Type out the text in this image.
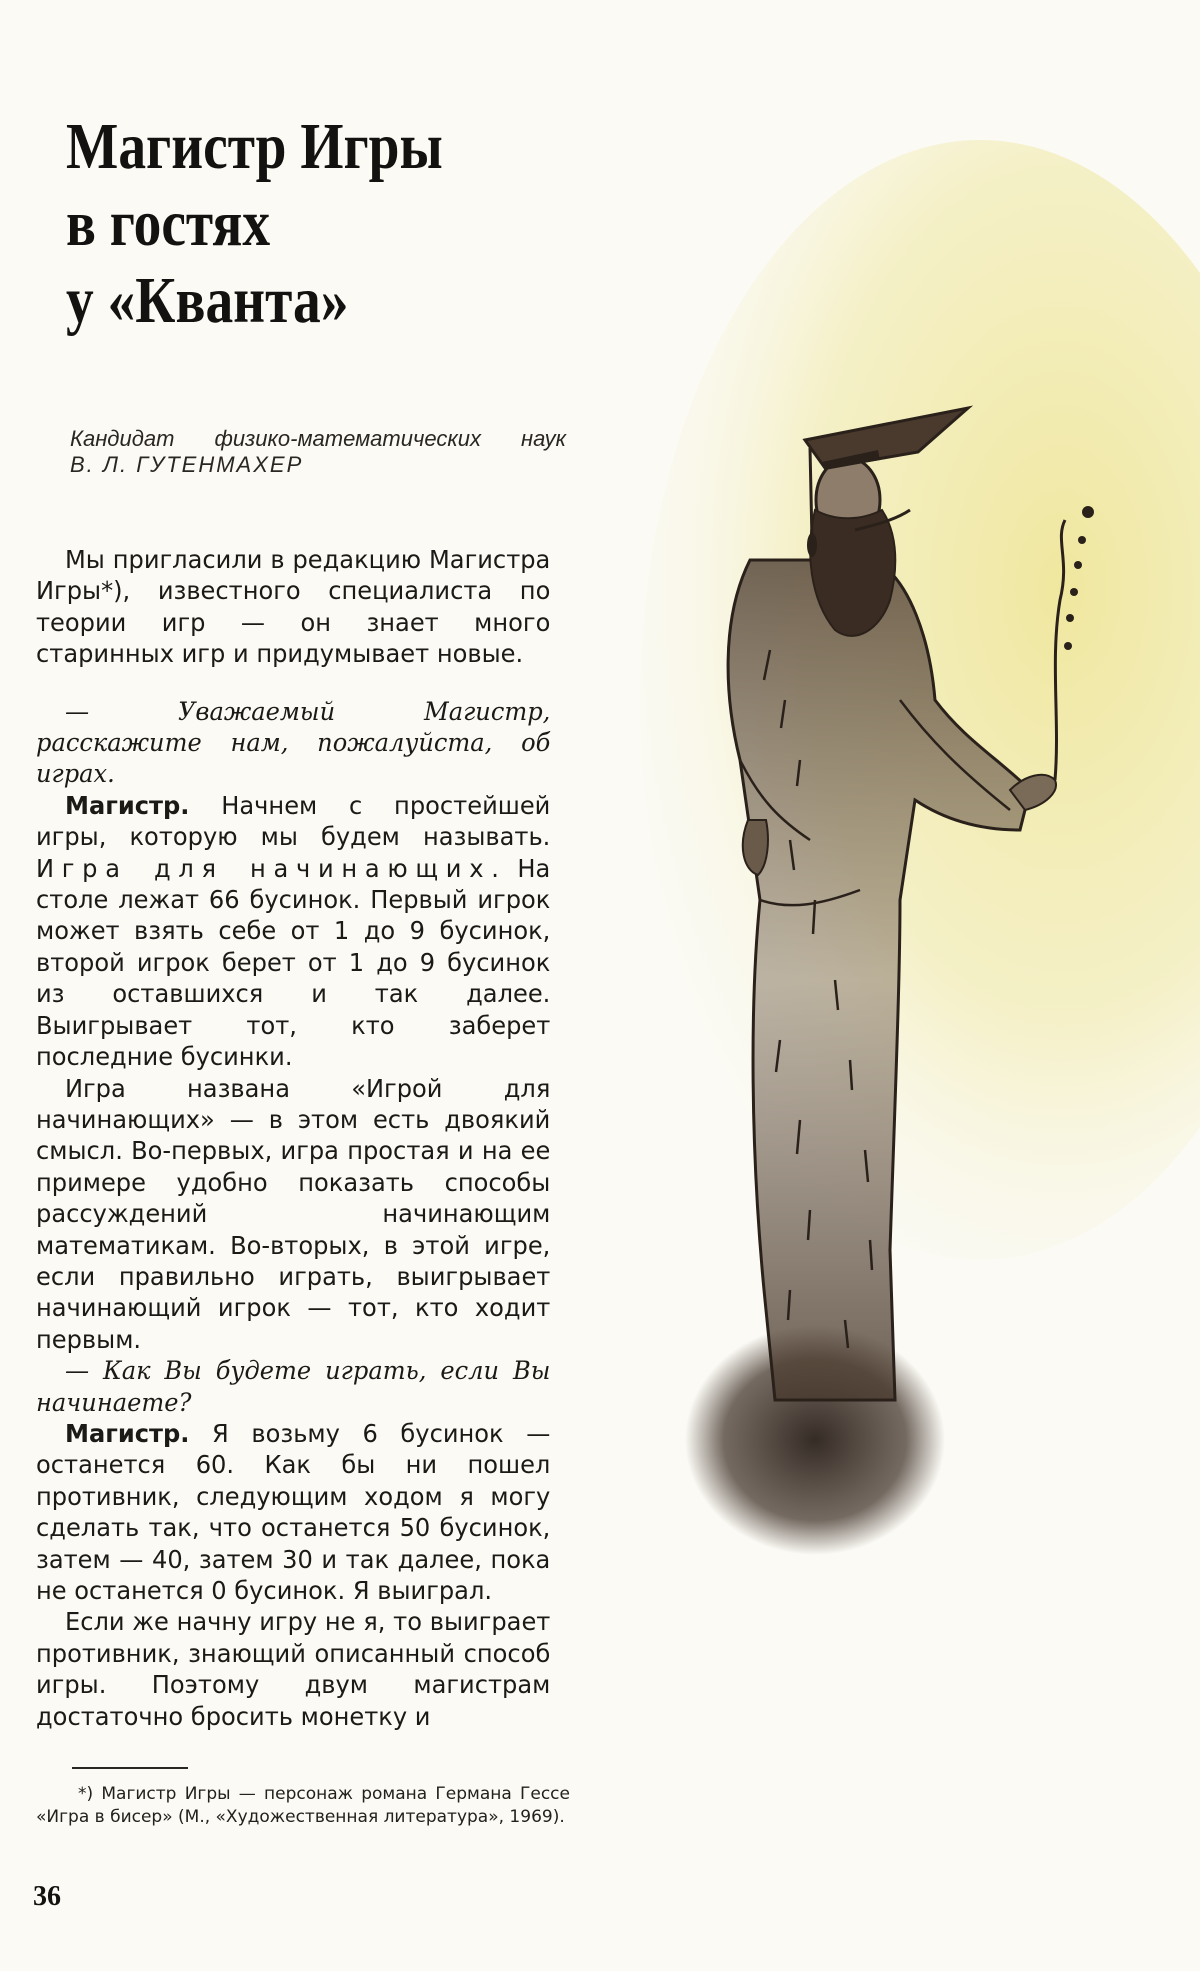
Магистр Игры
в гостях
у «Кванта»
Кандидат физико-математических наук
В. Л. ГУТЕНМАХЕР

Мы пригласили в редакцию Магистра Игры*), известного специалиста по теории игр — он знает много старинных игр и придумывает новые.

— Уважаемый Магистр, расскажите нам, пожалуйста, об играх.

Магистр. Начнем с простейшей игры, которую мы будем называть. Игра для начинающих. На столе лежат 66 бусинок. Первый игрок может взять себе от 1 до 9 бусинок, второй игрок берет от 1 до 9 бусинок из оставшихся и так далее. Выигрывает тот, кто заберет последние бусинки.

Игра названа «Игрой для начинающих» — в этом есть двоякий смысл. Во-первых, игра простая и на ее примере удобно показать способы рассуждений начинающим математикам. Во-вторых, в этой игре, если правильно играть, выигрывает начинающий игрок — тот, кто ходит первым.

— Как Вы будете играть, если Вы начинаете?

Магистр. Я возьму 6 бусинок — останется 60. Как бы ни пошел противник, следующим ходом я могу сделать так, что останется 50 бусинок, затем — 40, затем 30 и так далее, пока не останется 0 бусинок. Я выиграл.

Если же начну игру не я, то выиграет противник, знающий описанный способ игры. Поэтому двум магистрам достаточно бросить монетку и

*) Магистр Игры — персонаж романа Германа Гессе «Игра в бисер» (М., «Художественная литература», 1969).

36
